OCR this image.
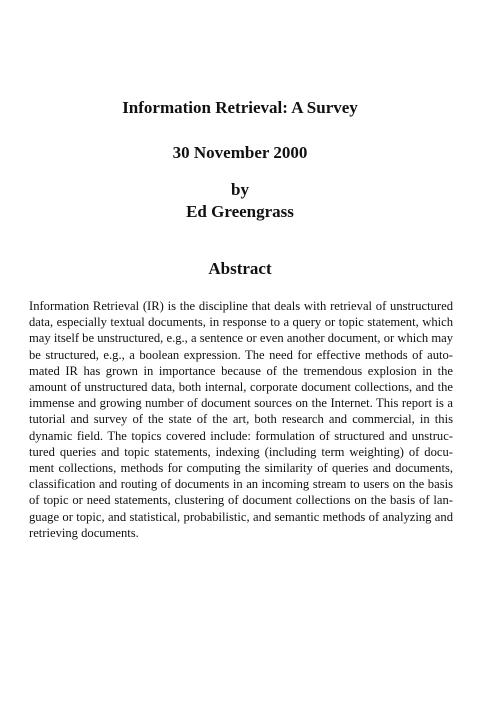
Information Retrieval: A Survey
30 November 2000
by
Ed Greengrass
Abstract
Information Retrieval (IR) is the discipline that deals with retrieval of unstructured data, especially textual documents, in response to a query or topic statement, which may itself be unstructured, e.g., a sentence or even another document, or which may be structured, e.g., a boolean expression. The need for effective methods of automated IR has grown in importance because of the tremendous explosion in the amount of unstructured data, both internal, corporate document collections, and the immense and growing number of document sources on the Internet. This report is a tutorial and survey of the state of the art, both research and commercial, in this dynamic field. The topics covered include: formulation of structured and unstructured queries and topic statements, indexing (including term weighting) of document collections, methods for computing the similarity of queries and documents, classification and routing of documents in an incoming stream to users on the basis of topic or need statements, clustering of document collections on the basis of language or topic, and statistical, probabilistic, and semantic methods of analyzing and retrieving documents.
